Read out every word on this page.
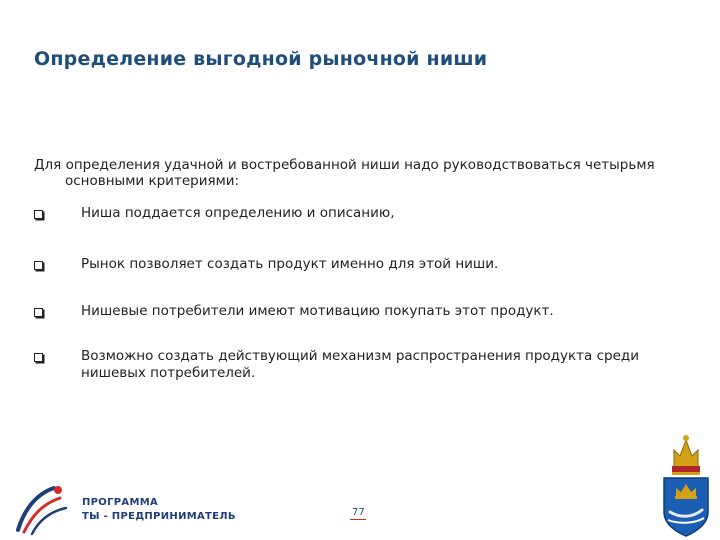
Определение выгодной рыночной ниши
Для определения удачной и востребованной ниши надо руководствоваться четырьмя
основными критериями:
Ниша поддается определению и описанию,
Рынок позволяет создать продукт именно для этой ниши.
Нишевые потребители имеют мотивацию покупать этот продукт.
Возможно создать действующий механизм распространения продукта среди
нишевых потребителей.
77
ПРОГРАММА
ТЫ - ПРЕДПРИНИМАТЕЛЬ
